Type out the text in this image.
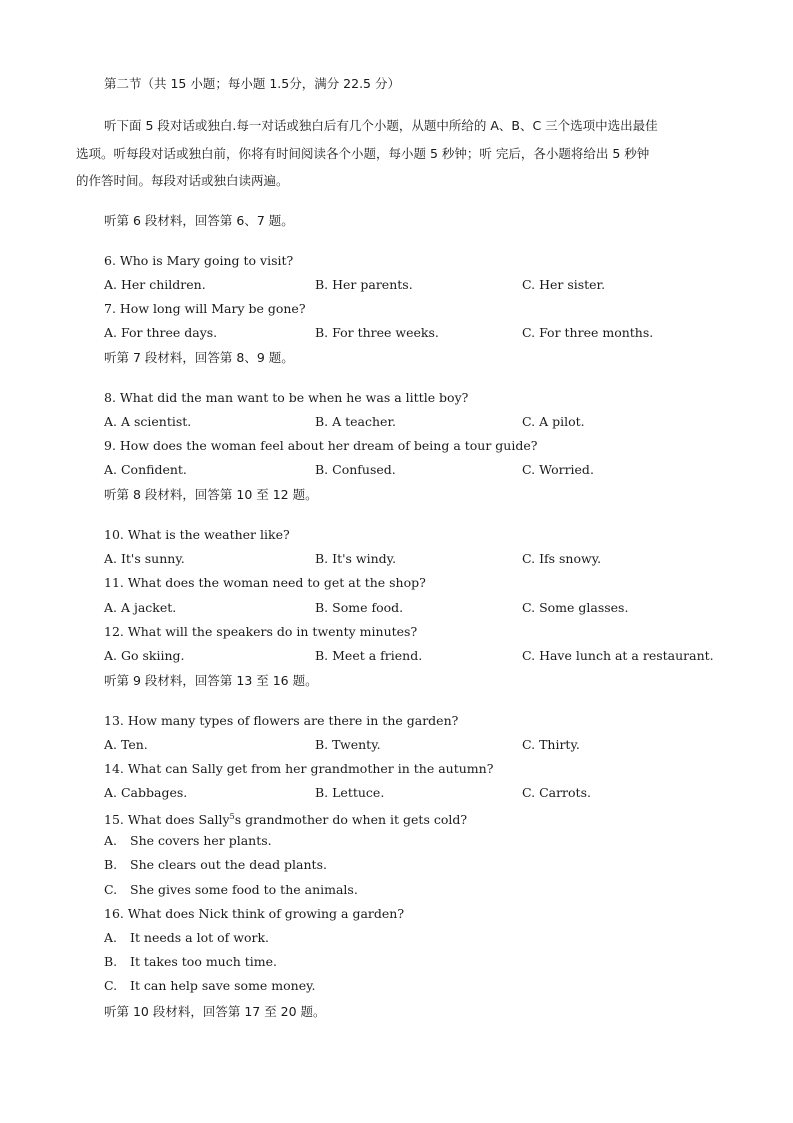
第二节（共 15 小题；每小题 1.5分，满分 22.5 分）
听下面 5 段对话或独白.每一对话或独白后有几个小题，从题中所给的 A、B、C 三个选项中选出最佳
选项。听每段对话或独白前，你将有时间阅读各个小题，每小题 5 秒钟；听 完后，各小题将给出 5 秒钟
的作答时间。每段对话或独白读两遍。
听第 6 段材料，回答第 6、7 题。
6. Who is Mary going to visit?
A. Her children.	B. Her parents.	C. Her sister.
7. How long will Mary be gone?
A. For three days.	B. For three weeks.	C. For three months.
听第 7 段材料，回答第 8、9 题。
8. What did the man want to be when he was a little boy?
A. A scientist.	B. A teacher.	C. A pilot.
9. How does the woman feel about her dream of being a tour guide?
A. Confident.	B. Confused.	C. Worried.
听第 8 段材料，回答第 10 至 12 题。
10. What is the weather like?
A. It's sunny.	B. It's windy.	C. Ifs snowy.
11. What does the woman need to get at the shop?
A. A jacket.	B. Some food.	C. Some glasses.
12. What will the speakers do in twenty minutes?
A. Go skiing.	B. Meet a friend.	C. Have lunch at a restaurant.
听第 9 段材料，回答第 13 至 16 题。
13. How many types of flowers are there in the garden?
A. Ten.	B. Twenty.	C. Thirty.
14. What can Sally get from her grandmother in the autumn?
A. Cabbages.	B. Lettuce.	C. Carrots.
15. What does Sally$^5$s grandmother do when it gets cold?
A. She covers her plants.
B. She clears out the dead plants.
C. She gives some food to the animals.
16. What does Nick think of growing a garden?
A. It needs a lot of work.
B. It takes too much time.
C. It can help save some money.
听第 10 段材料，回答第 17 至 20 题。
